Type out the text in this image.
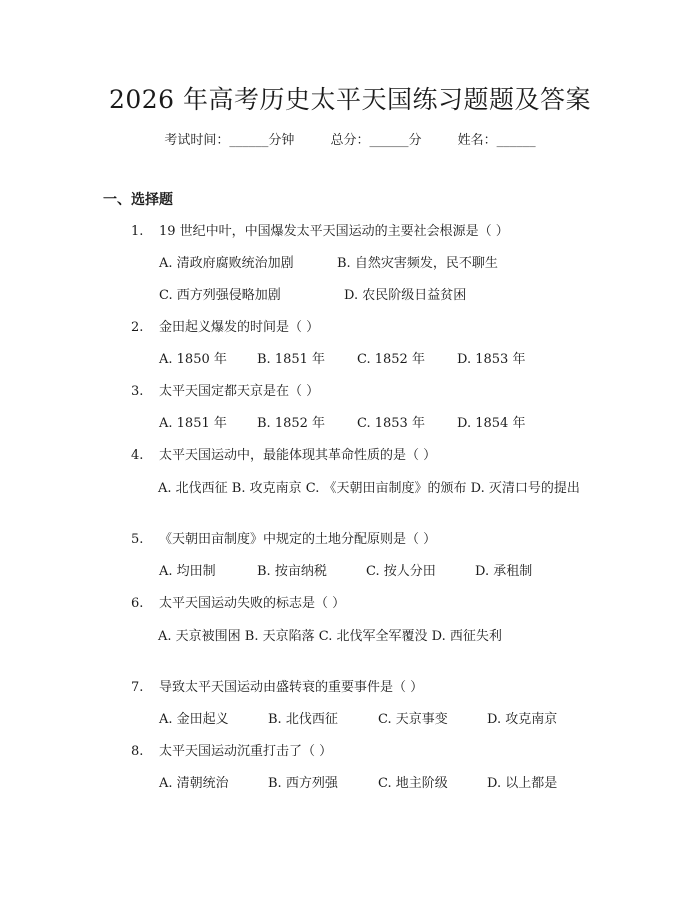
2026 年高考历史太平天国练习题题及答案
考试时间：______分钟	总分：______分	姓名：______
一、选择题
1. 19 世纪中叶，中国爆发太平天国运动的主要社会根源是（ ）
A. 清政府腐败统治加剧	B. 自然灾害频发，民不聊生
C. 西方列强侵略加剧	D. 农民阶级日益贫困
2. 金田起义爆发的时间是（ ）
A. 1850 年 B. 1851 年 C. 1852 年 D. 1853 年
3. 太平天国定都天京是在（ ）
A. 1851 年 B. 1852 年 C. 1853 年 D. 1854 年
4. 太平天国运动中，最能体现其革命性质的是（ ）
A. 北伐西征 B. 攻克南京 C. 《天朝田亩制度》的颁布 D. 灭清口号的提出
5. 《天朝田亩制度》中规定的土地分配原则是（ ）
A. 均田制	B. 按亩纳税	C. 按人分田	D. 承租制
6. 太平天国运动失败的标志是（ ）
A. 天京被围困 B. 天京陷落 C. 北伐军全军覆没 D. 西征失利
7. 导致太平天国运动由盛转衰的重要事件是（ ）
A. 金田起义	B. 北伐西征	C. 天京事变	D. 攻克南京
8. 太平天国运动沉重打击了（ ）
A. 清朝统治	B. 西方列强	C. 地主阶级	D. 以上都是
